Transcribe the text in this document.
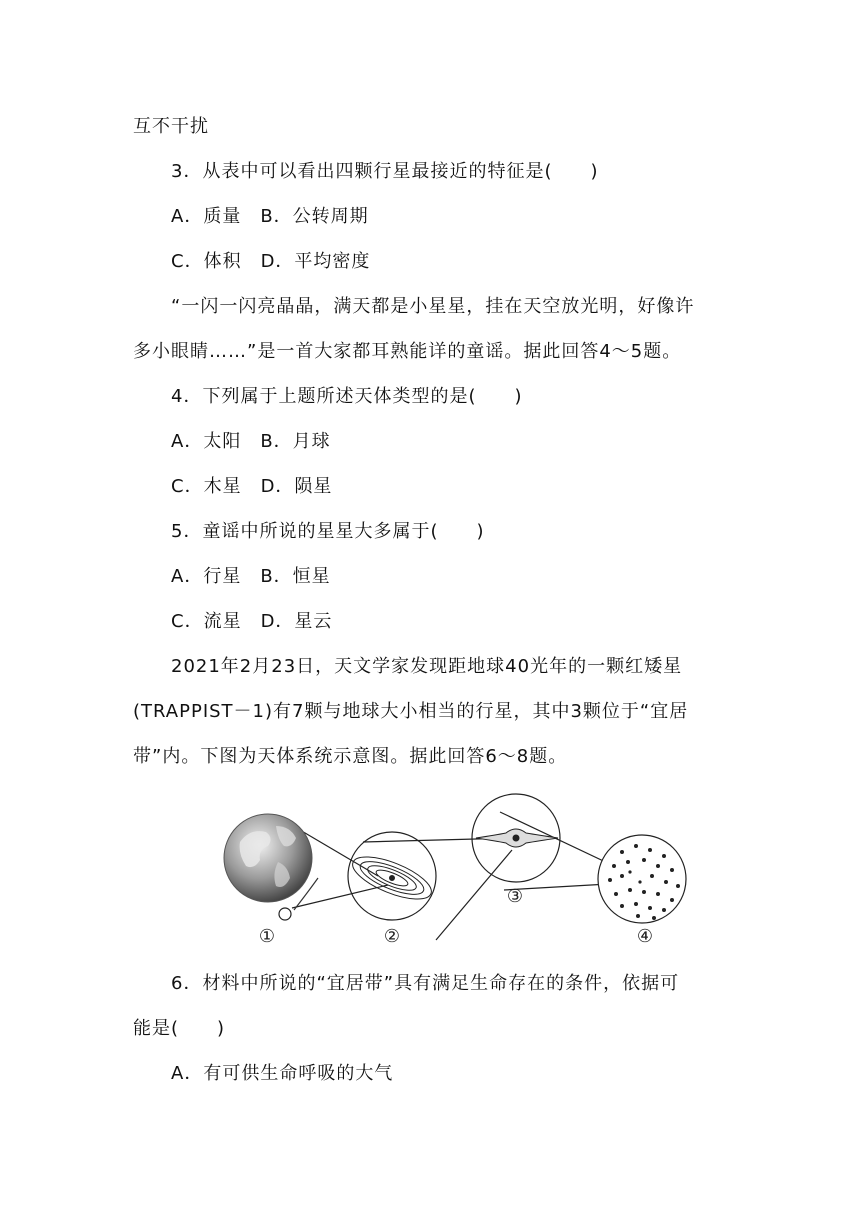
互不干扰
3．从表中可以看出四颗行星最接近的特征是(　　)
A．质量　B．公转周期
C．体积　D．平均密度
“一闪一闪亮晶晶，满天都是小星星，挂在天空放光明，好像许
多小眼睛……”是一首大家都耳熟能详的童谣。据此回答4～5题。
4．下列属于上题所述天体类型的是(　　)
A．太阳　B．月球
C．木星　D．陨星
5．童谣中所说的星星大多属于(　　)
A．行星　B．恒星
C．流星　D．星云
2021年2月23日，天文学家发现距地球40光年的一颗红矮星
(TRAPPIST－1)有7颗与地球大小相当的行星，其中3颗位于“宜居
带”内。下图为天体系统示意图。据此回答6～8题。
①	②
③
④
6．材料中所说的“宜居带”具有满足生命存在的条件，依据可
能是(　　)
A．有可供生命呼吸的大气
